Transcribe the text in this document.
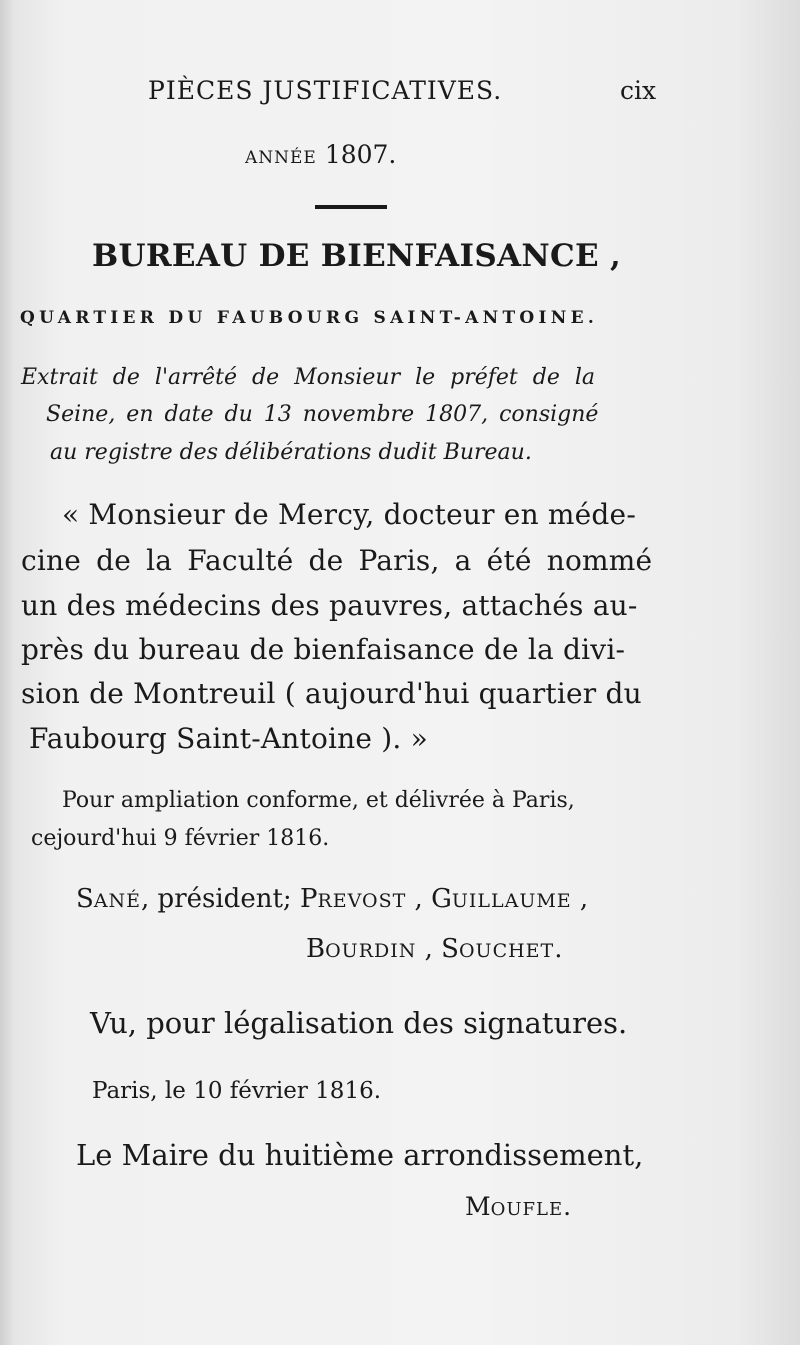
PIÈCES JUSTIFICATIVES.	cix
ANNÉE 1807.
BUREAU DE BIENFAISANCE ,
QUARTIER DU FAUBOURG SAINT-ANTOINE.
Extrait de l'arrêté de Monsieur le préfet de la
Seine, en date du 13 novembre 1807, consigné
au registre des délibérations dudit Bureau.
« Monsieur de Mercy, docteur en méde-
cine de la Faculté de Paris, a été nommé
un des médecins des pauvres, attachés au-
près du bureau de bienfaisance de la divi-
sion de Montreuil ( aujourd'hui quartier du
Faubourg Saint-Antoine ). »
Pour ampliation conforme, et délivrée à Paris,
cejourd'hui 9 février 1816.
SANÉ, président; PREVOST , GUILLAUME ,
BOURDIN , SOUCHET.
Vu, pour légalisation des signatures.
Paris, le 10 février 1816.
Le Maire du huitième arrondissement,
MOUFLE.
